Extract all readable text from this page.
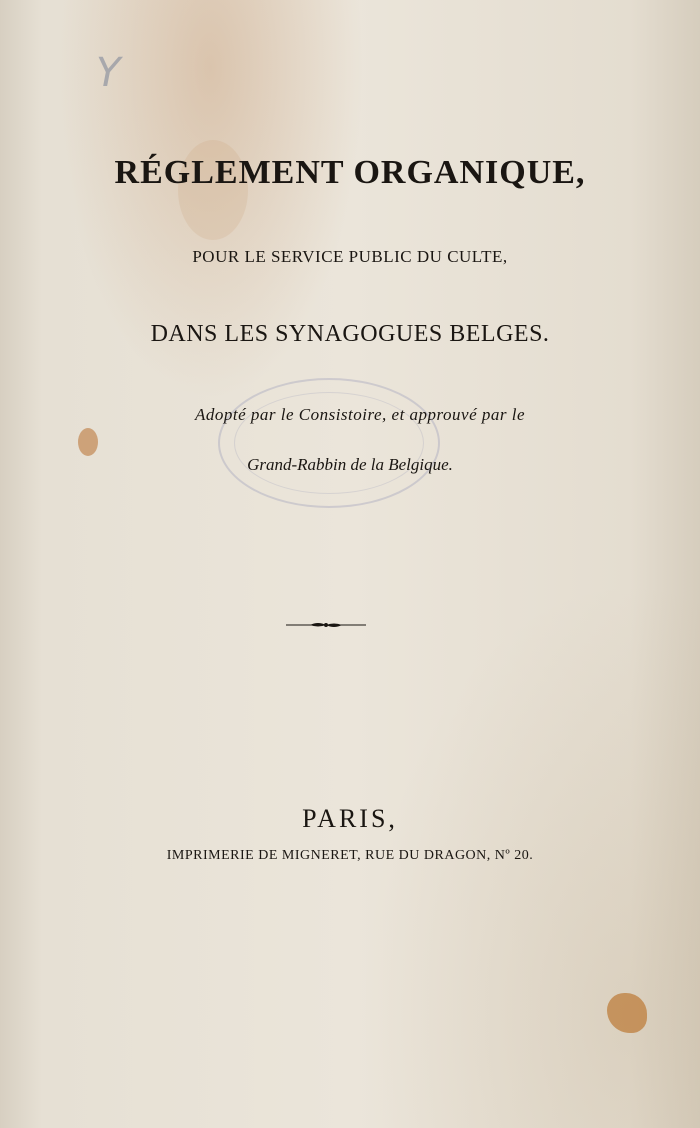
Y
RÉGLEMENT ORGANIQUE,
POUR LE SERVICE PUBLIC DU CULTE,
DANS LES SYNAGOGUES BELGES.
Adopté par le Consistoire, et approuvé par le
Grand-Rabbin de la Belgique.
PARIS,
IMPRIMERIE DE MIGNERET, RUE DU DRAGON, Nº 20.
